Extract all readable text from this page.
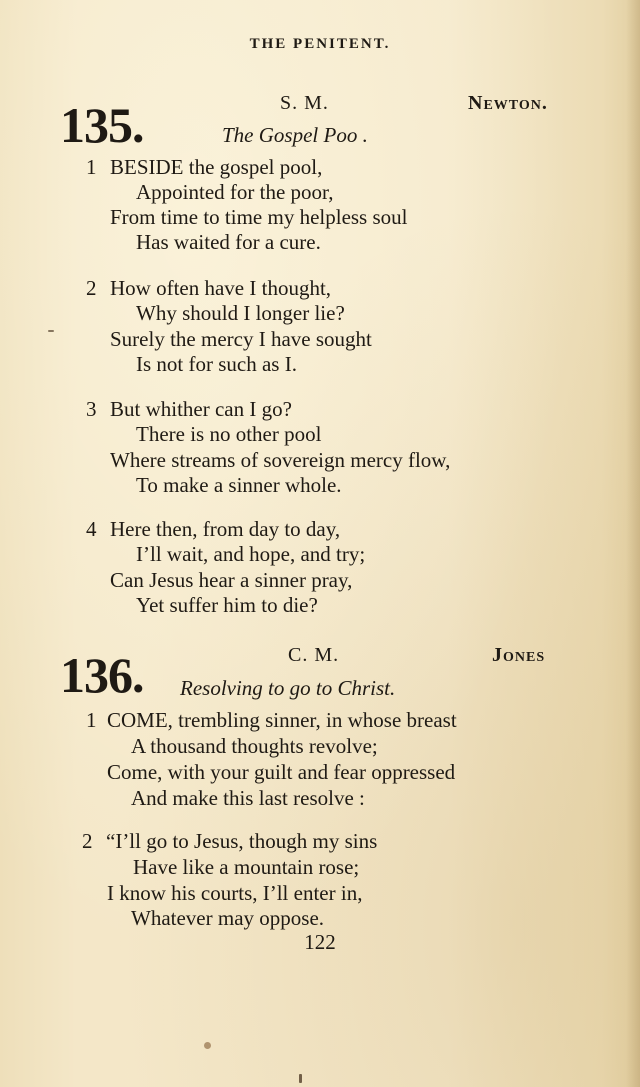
THE PENITENT.
135.	S. M.	Newton.
The Gospel Poo .
1 BESIDE the gospel pool,
Appointed for the poor,
From time to time my helpless soul
Has waited for a cure.
2 How often have I thought,
Why should I longer lie?
Surely the mercy I have sought
Is not for such as I.
3 But whither can I go?
There is no other pool
Where streams of sovereign mercy flow,
To make a sinner whole.
4 Here then, from day to day,
I’ll wait, and hope, and try;
Can Jesus hear a sinner pray,
Yet suffer him to die?
136.	C. M.	Jones
Resolving to go to Christ.
1 COME, trembling sinner, in whose breast
A thousand thoughts revolve;
Come, with your guilt and fear oppressed
And make this last resolve :
2 “I’ll go to Jesus, though my sins
Have like a mountain rose;
I know his courts, I’ll enter in,
Whatever may oppose.
122
